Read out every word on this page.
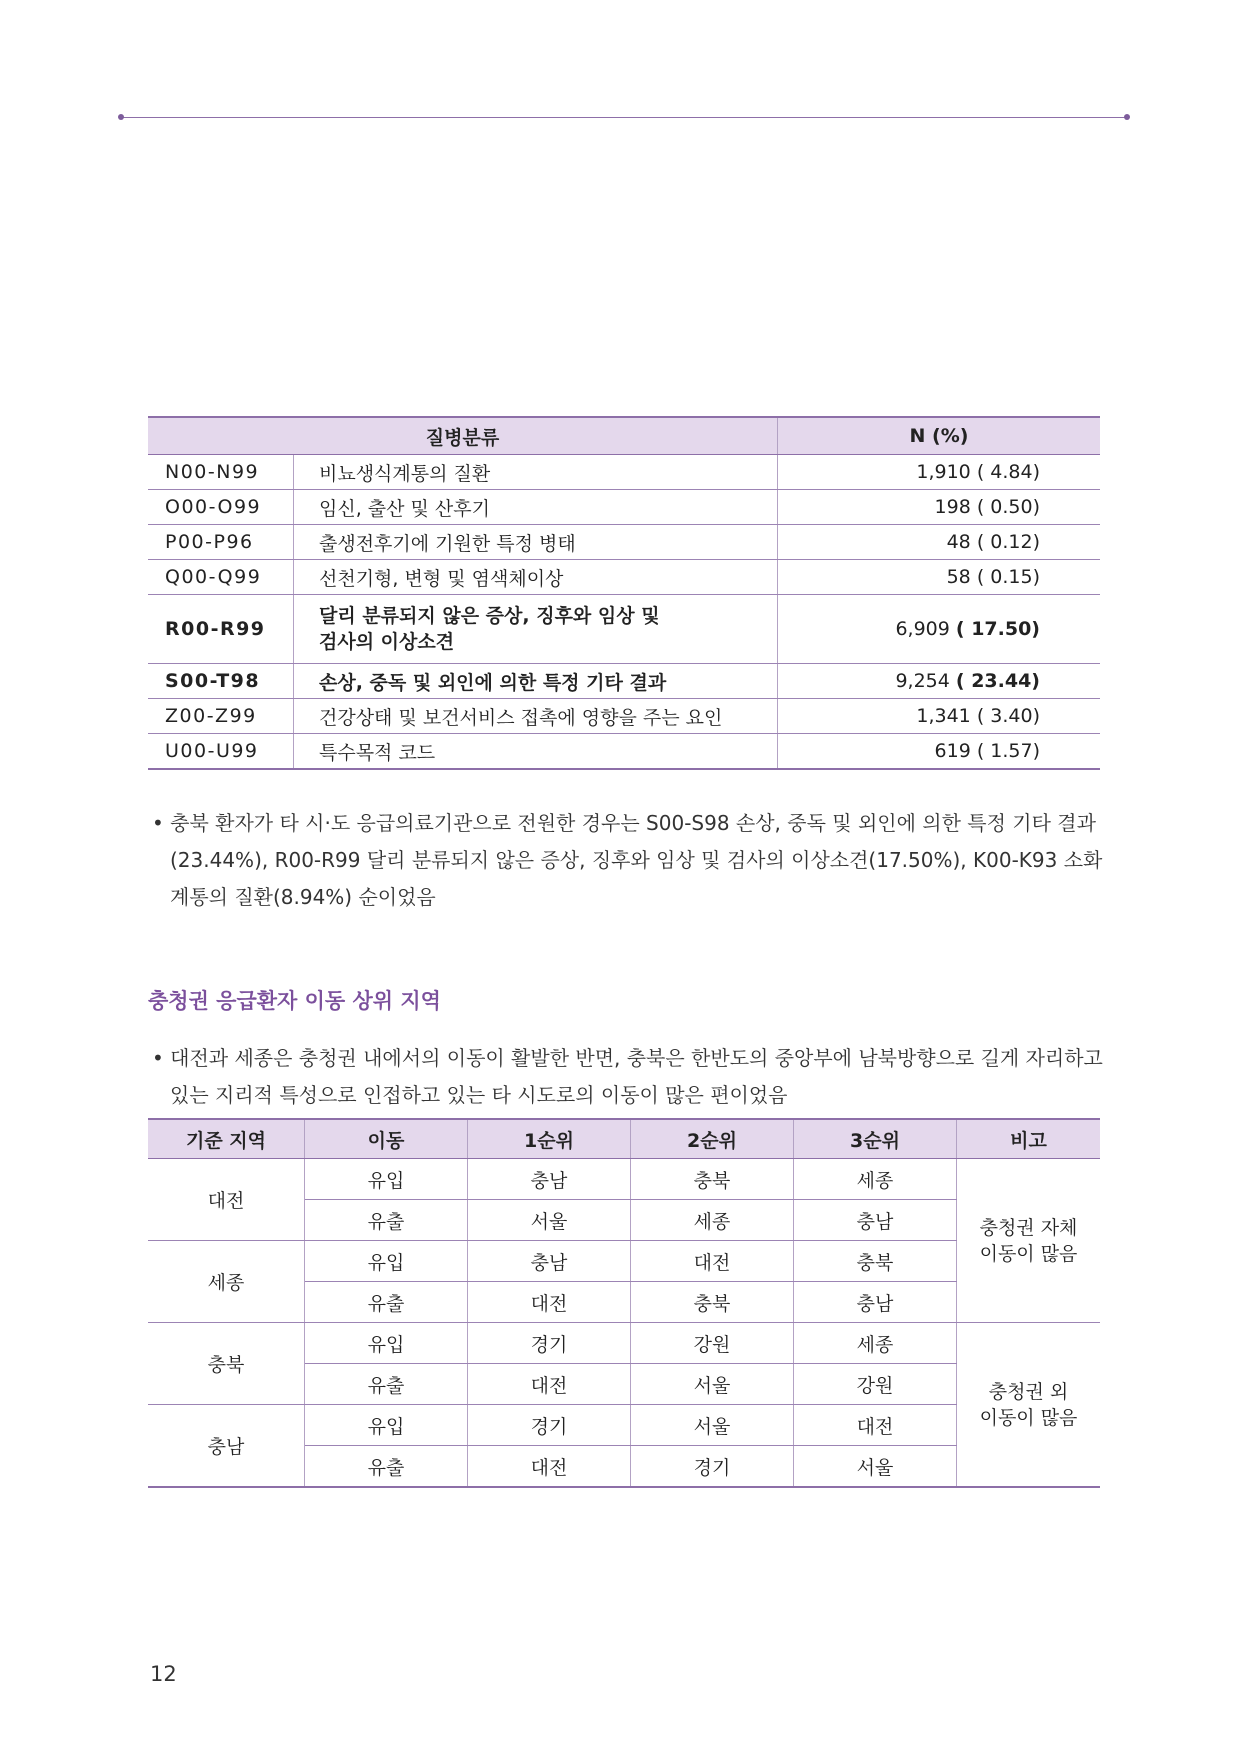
질병분류		N (%)
N00-N99	비뇨생식계통의 질환	1,910 ( 4.84)
O00-O99	임신, 출산 및 산후기	198 ( 0.50)
P00-P96	출생전후기에 기원한 특정 병태	48 ( 0.12)
Q00-Q99	선천기형, 변형 및 염색체이상	58 ( 0.15)
R00-R99	달리 분류되지 않은 증상, 징후와 임상 및
검사의 이상소견	6,909 ( 17.50)
S00-T98	손상, 중독 및 외인에 의한 특정 기타 결과	9,254 ( 23.44)
Z00-Z99	건강상태 및 보건서비스 접촉에 영향을 주는 요인	1,341 ( 3.40)
U00-U99	특수목적 코드	619 ( 1.57)
• 충북 환자가 타 시·도 응급의료기관으로 전원한 경우는 S00-S98 손상, 중독 및 외인에 의한 특정 기타 결과(23.44%), R00-R99 달리 분류되지 않은 증상, 징후와 임상 및 검사의 이상소견(17.50%), K00-K93 소화계통의 질환(8.94%) 순이었음
충청권 응급환자 이동 상위 지역
• 대전과 세종은 충청권 내에서의 이동이 활발한 반면, 충북은 한반도의 중앙부에 남북방향으로 길게 자리하고 있는 지리적 특성으로 인접하고 있는 타 시도로의 이동이 많은 편이었음
기준 지역	이동	1순위	2순위	3순위	비고
대전	유입	충남	충북	세종	충청권 자체
이동이 많음
	유출	서울	세종	충남	
세종	유입	충남	대전	충북	
	유출	대전	충북	충남	
충북	유입	경기	강원	세종	충청권 외
이동이 많음
	유출	대전	서울	강원	
충남	유입	경기	서울	대전	
	유출	대전	경기	서울	
12
